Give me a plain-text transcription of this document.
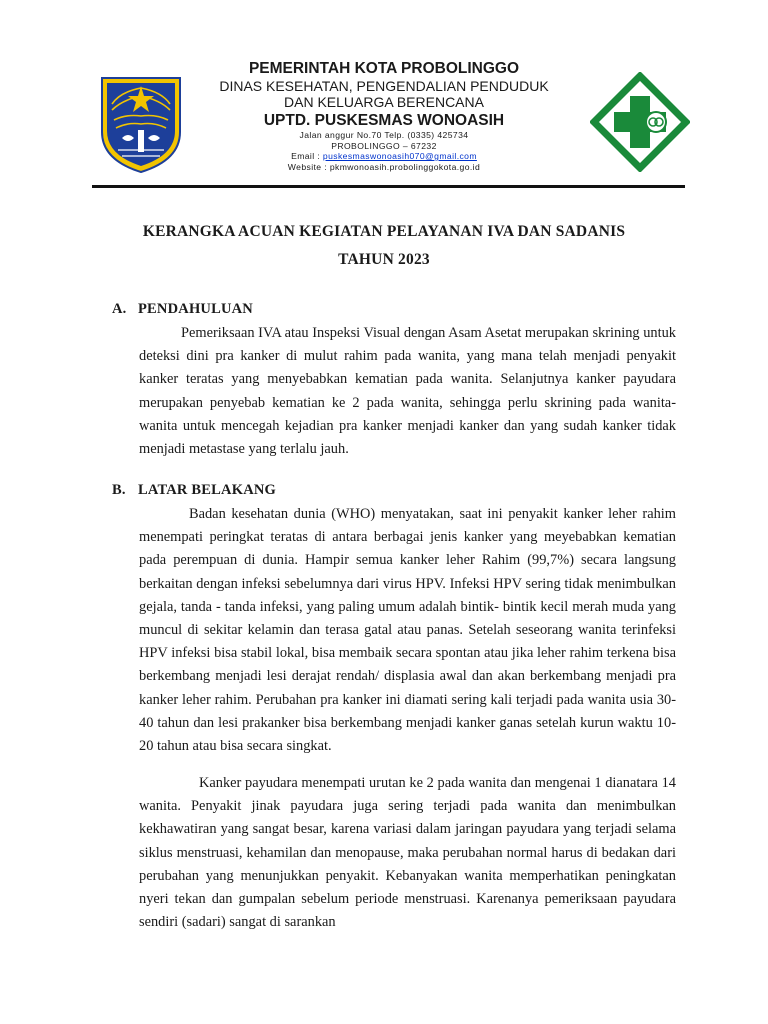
PEMERINTAH KOTA PROBOLINGGO
DINAS KESEHATAN, PENGENDALIAN PENDUDUK
DAN KELUARGA BERENCANA
UPTD. PUSKESMAS WONOASIH
Jalan anggur No.70 Telp. (0335) 425734
PROBOLINGGO – 67232
Email : puskesmaswonoasih070@gmail.com
Website : pkmwonoasih.probolinggokota.go.id
KERANGKA ACUAN KEGIATAN PELAYANAN IVA DAN SADANIS
TAHUN 2023
A. PENDAHULUAN
Pemeriksaan IVA atau Inspeksi Visual dengan Asam Asetat merupakan skrining untuk deteksi dini pra kanker di mulut rahim pada wanita, yang mana telah menjadi penyakit kanker teratas yang menyebabkan kematian pada wanita. Selanjutnya kanker payudara merupakan penyebab kematian ke 2 pada wanita, sehingga perlu skrining pada wanita-wanita untuk mencegah kejadian pra kanker menjadi kanker dan yang sudah kanker tidak menjadi metastase yang terlalu jauh.
B. LATAR BELAKANG
Badan kesehatan dunia (WHO) menyatakan, saat ini penyakit kanker leher rahim menempati peringkat teratas di antara berbagai jenis kanker yang meyebabkan kematian pada perempuan di dunia. Hampir semua kanker leher Rahim (99,7%) secara langsung berkaitan dengan infeksi sebelumnya dari virus HPV. Infeksi HPV sering tidak menimbulkan gejala, tanda - tanda infeksi, yang paling umum adalah bintik- bintik kecil merah muda yang muncul di sekitar kelamin dan terasa gatal atau panas. Setelah seseorang wanita terinfeksi HPV infeksi bisa stabil lokal, bisa membaik secara spontan atau jika leher rahim terkena bisa berkembang menjadi lesi derajat rendah/ displasia awal dan akan berkembang menjadi pra kanker leher rahim. Perubahan pra kanker ini diamati sering kali terjadi pada wanita usia 30-40 tahun dan lesi prakanker bisa berkembang menjadi kanker ganas setelah kurun waktu 10-20 tahun atau bisa secara singkat.
Kanker payudara menempati urutan ke 2 pada wanita dan mengenai 1 dianatara 14 wanita. Penyakit jinak payudara juga sering terjadi pada wanita dan menimbulkan kekhawatiran yang sangat besar, karena variasi dalam jaringan payudara yang terjadi selama siklus menstruasi, kehamilan dan menopause, maka perubahan normal harus di bedakan dari perubahan yang menunjukkan penyakit. Kebanyakan wanita memperhatikan peningkatan nyeri tekan dan gumpalan sebelum periode menstruasi. Karenanya pemeriksaan payudara sendiri (sadari) sangat di sarankan
